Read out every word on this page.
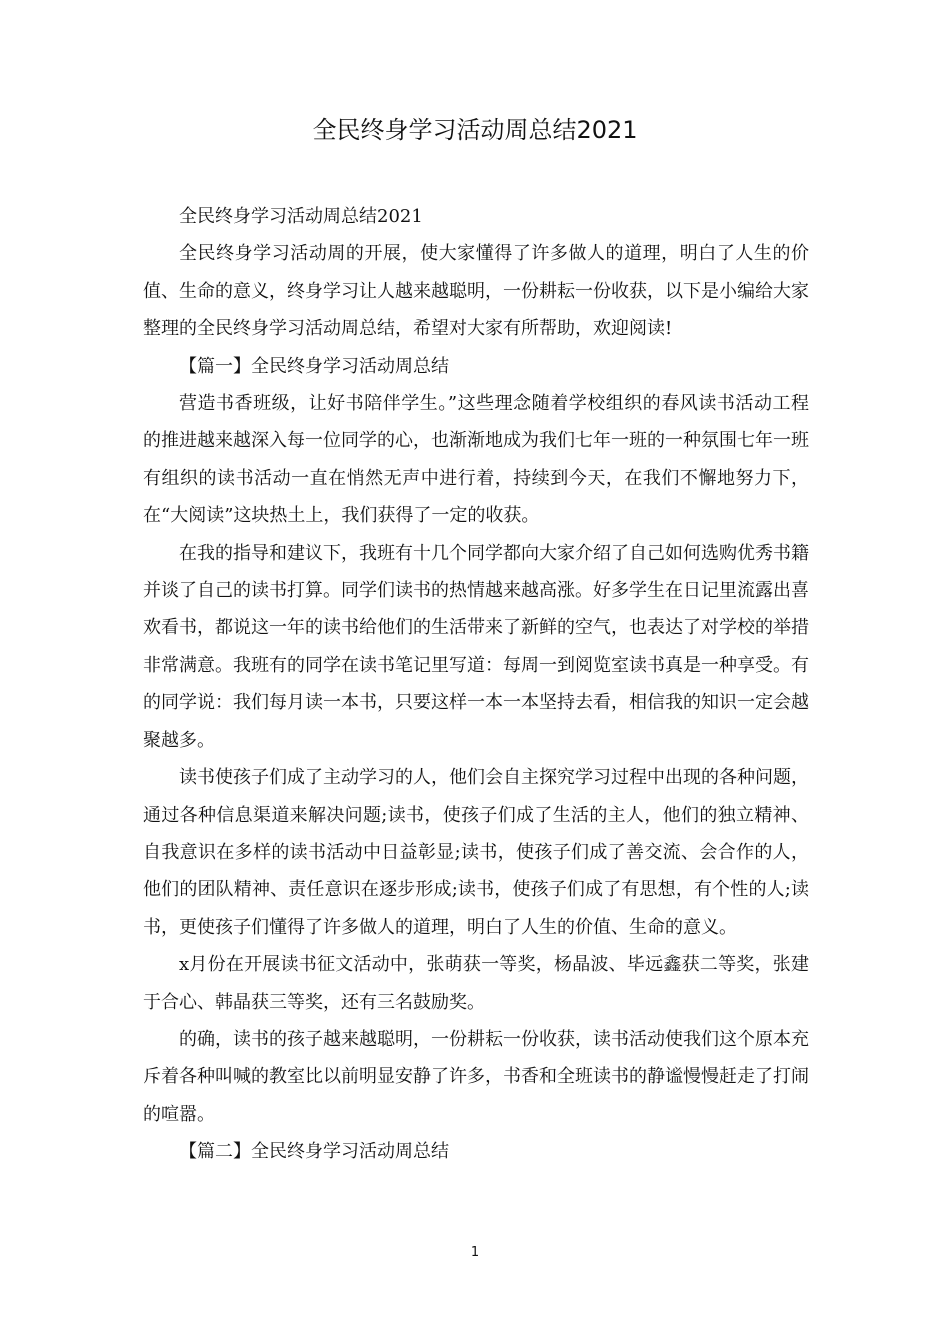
全民终身学习活动周总结2021

全民终身学习活动周总结2021

全民终身学习活动周的开展，使大家懂得了许多做人的道理，明白了人生的价值、生命的意义，终身学习让人越来越聪明，一份耕耘一份收获，以下是小编给大家整理的全民终身学习活动周总结，希望对大家有所帮助，欢迎阅读!

【篇一】全民终身学习活动周总结

营造书香班级，让好书陪伴学生。”这些理念随着学校组织的春风读书活动工程的推进越来越深入每一位同学的心，也渐渐地成为我们七年一班的一种氛围七年一班有组织的读书活动一直在悄然无声中进行着，持续到今天，在我们不懈地努力下，在“大阅读”这块热土上，我们获得了一定的收获。

在我的指导和建议下，我班有十几个同学都向大家介绍了自己如何选购优秀书籍并谈了自己的读书打算。同学们读书的热情越来越高涨。好多学生在日记里流露出喜欢看书，都说这一年的读书给他们的生活带来了新鲜的空气，也表达了对学校的举措非常满意。我班有的同学在读书笔记里写道：每周一到阅览室读书真是一种享受。有的同学说：我们每月读一本书，只要这样一本一本坚持去看，相信我的知识一定会越聚越多。

读书使孩子们成了主动学习的人，他们会自主探究学习过程中出现的各种问题，通过各种信息渠道来解决问题;读书，使孩子们成了生活的主人，他们的独立精神、自我意识在多样的读书活动中日益彰显;读书，使孩子们成了善交流、会合作的人，他们的团队精神、责任意识在逐步形成;读书，使孩子们成了有思想，有个性的人;读书，更使孩子们懂得了许多做人的道理，明白了人生的价值、生命的意义。

x月份在开展读书征文活动中，张萌获一等奖，杨晶波、毕远鑫获二等奖，张建于合心、韩晶获三等奖，还有三名鼓励奖。

的确，读书的孩子越来越聪明，一份耕耘一份收获，读书活动使我们这个原本充斥着各种叫喊的教室比以前明显安静了许多，书香和全班读书的静谧慢慢赶走了打闹的喧嚣。

【篇二】全民终身学习活动周总结

1
